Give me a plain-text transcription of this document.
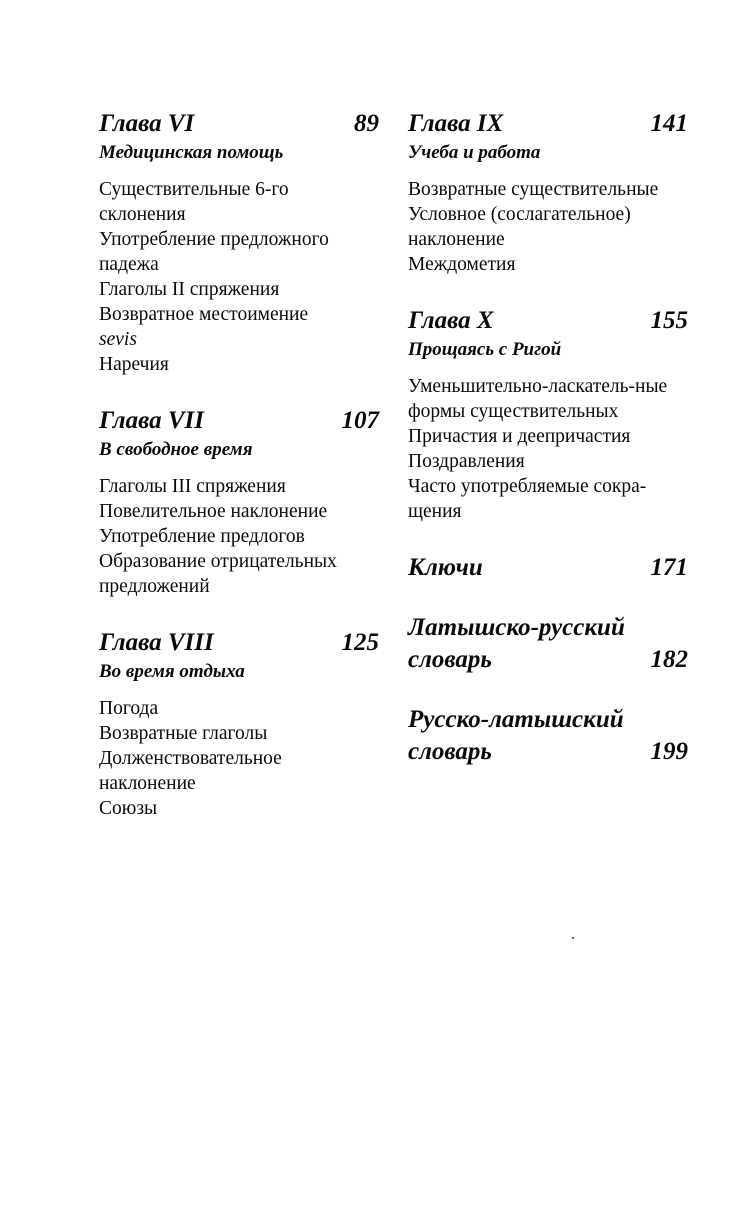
Глава VI	89
Медицинская помощь
Существительные 6-го склонения
Употребление предложного падежа
Глаголы II спряжения
Возвратное местоимение
sevis
Наречия
Глава VII	107
В свободное время
Глаголы III спряжения
Повелительное наклонение
Употребление предлогов
Образование отрицательных предложений
Глава VIII	125
Во время отдыха
Погода
Возвратные глаголы
Долженствовательное наклонение
Союзы
Глава IX	141
Учеба и работа
Возвратные существительные
Условное (сослагательное) наклонение
Междометия
Глава X	155
Прощаясь с Ригой
Уменьшительно-ласкатель-ные формы существительных
Причастия и деепричастия
Поздравления
Часто употребляемые сокра-щения
Ключи	171
Латышско-русский
словарь	182
Русско-латышский
словарь	199
